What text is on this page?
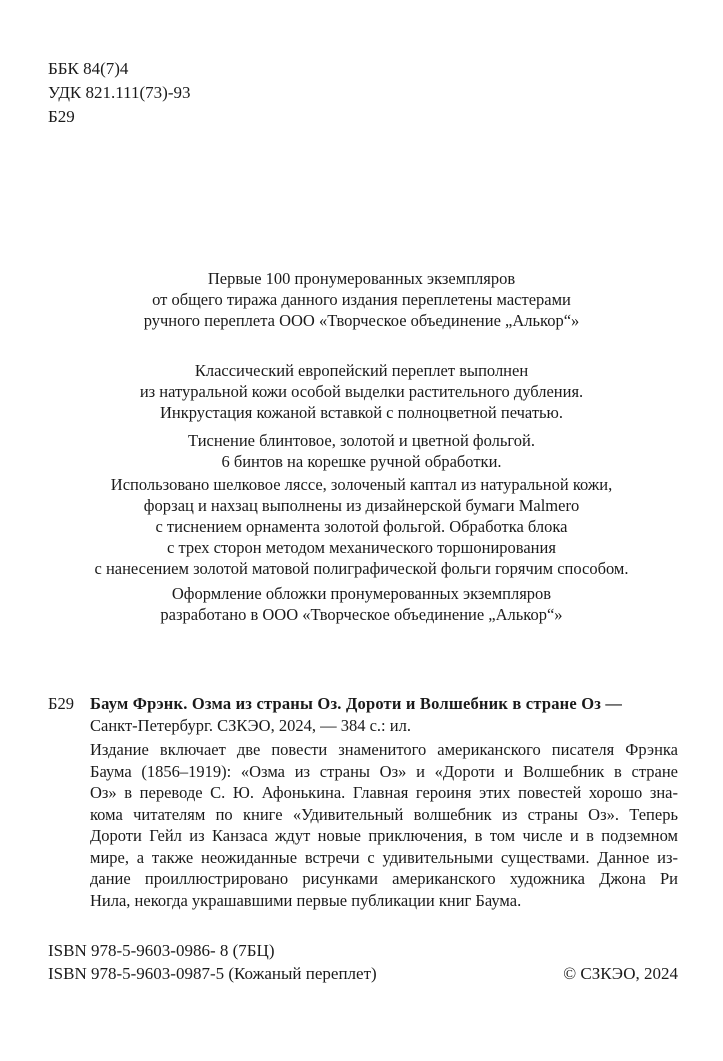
ББК 84(7)4
УДК 821.111(73)-93
Б29
Первые 100 пронумерованных экземпляров
от общего тиража данного издания переплетены мастерами
ручного переплета ООО «Творческое объединение „Алькор“»
Классический европейский переплет выполнен
из натуральной кожи особой выделки растительного дубления.
Инкрустация кожаной вставкой с полноцветной печатью.
Тиснение блинтовое, золотой и цветной фольгой.
6 бинтов на корешке ручной обработки.
Использовано шелковое ляссе, золоченый каптал из натуральной кожи,
форзац и нахзац выполнены из дизайнерской бумаги Malmero
с тиснением орнамента золотой фольгой. Обработка блока
с трех сторон методом механического торшонирования
с нанесением золотой матовой полиграфической фольги горячим способом.
Оформление обложки пронумерованных экземпляров
разработано в ООО «Творческое объединение „Алькор“»
Б29 Баум Фрэнк. Озма из страны Оз. Дороти и Волшебник в стране Оз —
Санкт-Петербург. СЗКЭО, 2024, — 384 с.: ил.
Издание включает две повести знаменитого американского писателя Фрэнка
Баума (1856–1919): «Озма из страны Оз» и «Дороти и Волшебник в стране
Оз» в переводе С. Ю. Афонькина. Главная героиня этих повестей хорошо зна-
кома читателям по книге «Удивительный волшебник из страны Оз». Теперь
Дороти Гейл из Канзаса ждут новые приключения, в том числе и в подземном
мире, а также неожиданные встречи с удивительными существами. Данное из-
дание проиллюстрировано рисунками американского художника Джона Ри
Нила, некогда украшавшими первые публикации книг Баума.
ISBN 978-5-9603-0986- 8 (7БЦ)
ISBN 978-5-9603-0987-5 (Кожаный переплет)	© СЗКЭО, 2024
